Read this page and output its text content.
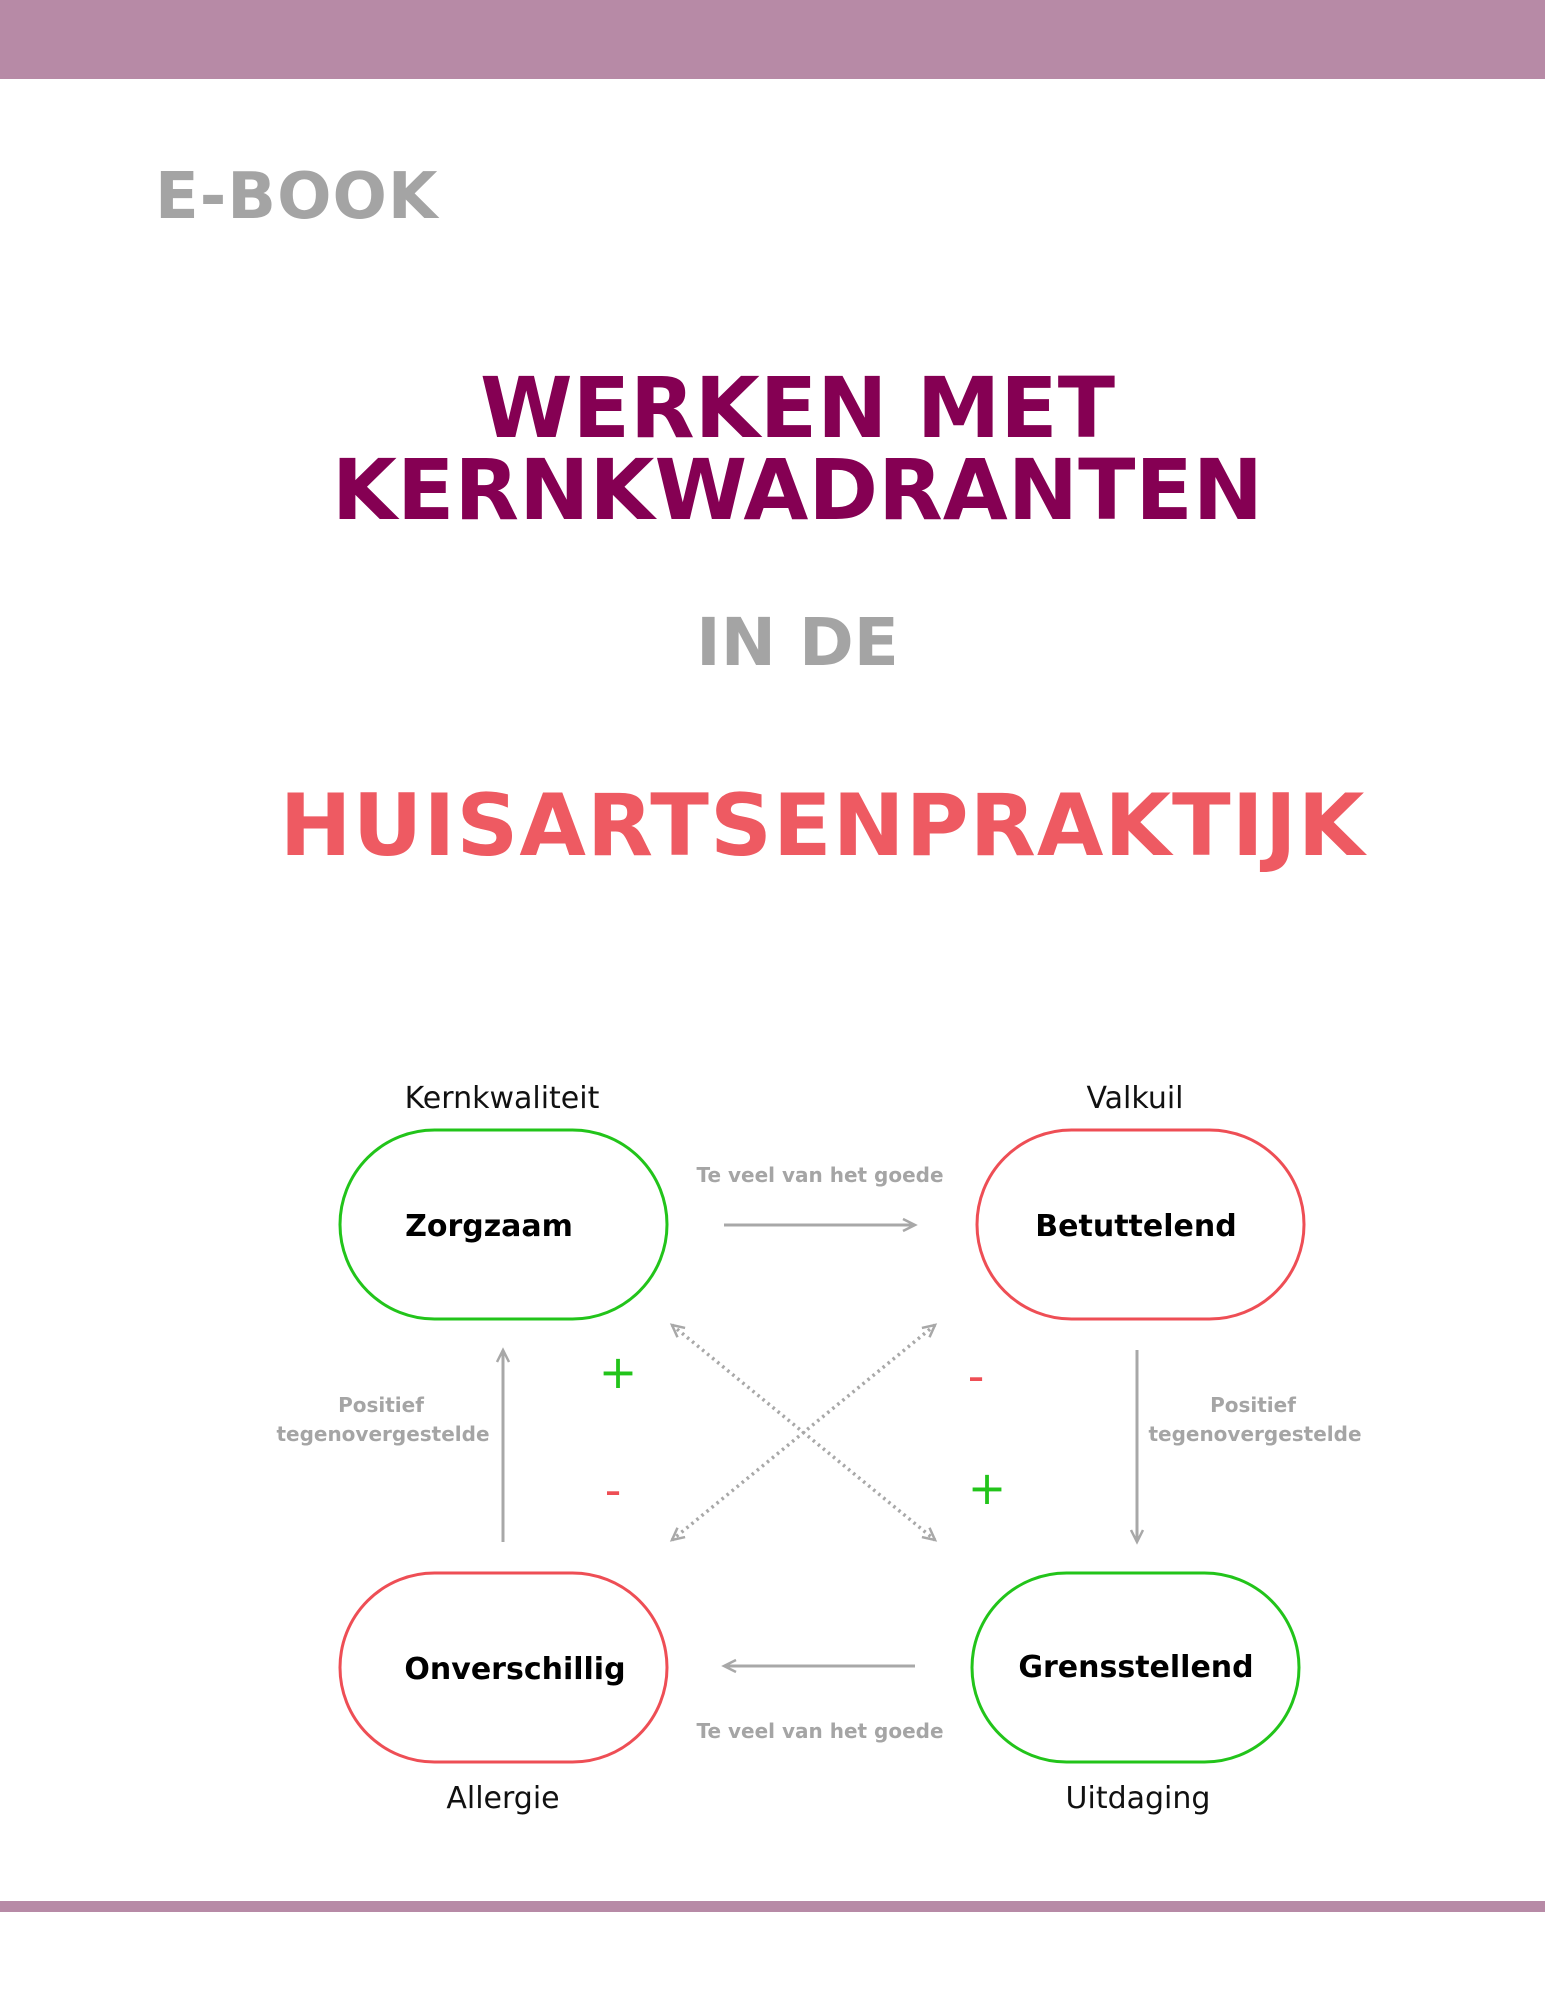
E-BOOK
WERKEN MET
KERNKWADRANTEN
IN DE
HUISARTSENPRAKTIJK
Kernkwaliteit	Valkuil
Allergie	Uitdaging
Zorgzaam	Betuttelend
Onverschillig	Grensstellend
Te veel van het goede
Te veel van het goede
Positief
tegenovergestelde
Positief
tegenovergestelde
+
-
-
+
